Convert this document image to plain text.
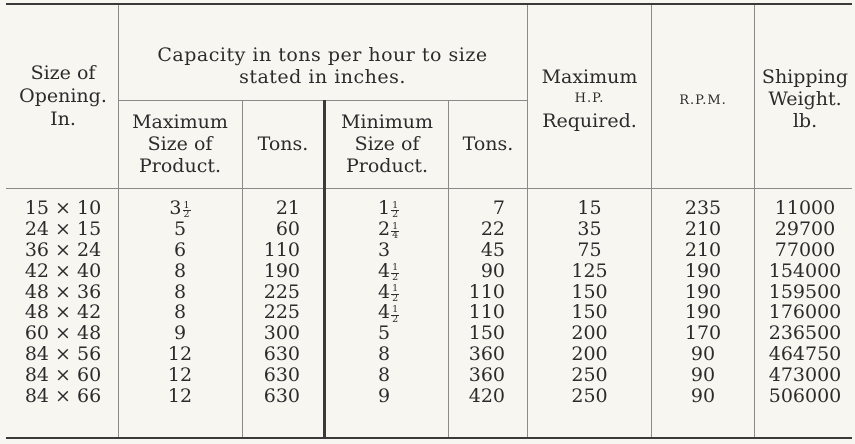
Size of
Opening.
In.
Capacity in tons per hour to size
stated in inches.
Maximum
Size of
Product.
Tons.
Minimum
Size of
Product.
Tons.
Maximum
H.P.
Required.
R.P.M.
Shipping
Weight.
lb.
15 × 10
24 × 15
36 × 24
42 × 40
48 × 36
48 × 42
60 × 48
84 × 56
84 × 60
84 × 66
$3 \frac{1}{2}$
5
6
8
8
8
9
12
12
12
21
60
110
190
225
225
300
630
630
630
$1 \frac{1}{2}$
$2 \frac{1}{4}$
3
$4 \frac{1}{2}$
$4 \frac{1}{2}$
$4 \frac{1}{2}$
5
8
8
9
7
22
45
90
110
110
150
360
360
420
15
35
75
125
150
150
200
200
250
250
235
210
210
190
190
190
170
90
90
90
11000
29700
77000
154000
159500
176000
236500
464750
473000
506000
